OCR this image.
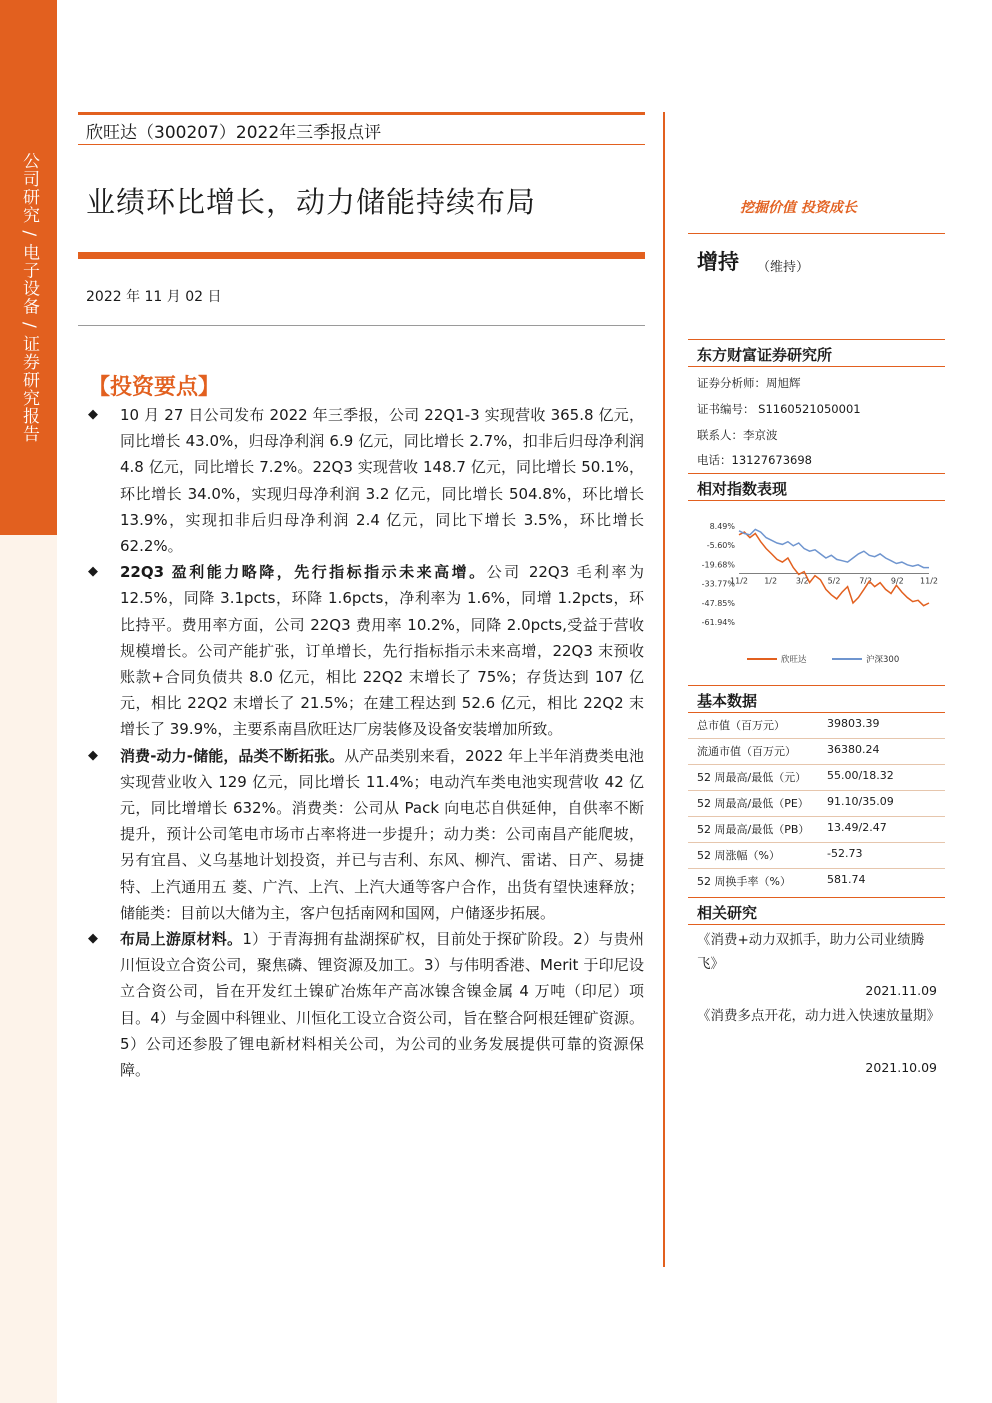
公司研究 / 电子设备 / 证券研究报告
欣旺达（300207）2022年三季报点评
业绩环比增长，动力储能持续布局
2022 年 11 月 02 日
【投资要点】
◆ 10 月 27 日公司发布 2022 年三季报，公司 22Q1-3 实现营收 365.8 亿元，同比增长 43.0%，归母净利润 6.9 亿元，同比增长 2.7%，扣非后归母净利润 4.8 亿元，同比增长 7.2%。22Q3 实现营收 148.7 亿元，同比增长 50.1%，环比增长 34.0%，实现归母净利润 3.2 亿元，同比增长 504.8%，环比增长 13.9%，实现扣非后归母净利润 2.4 亿元，同比下增长 3.5%，环比增长 62.2%。
◆ 22Q3 盈利能力略降，先行指标指示未来高增。公司 22Q3 毛利率为 12.5%，同降 3.1pcts，环降 1.6pcts，净利率为 1.6%，同增 1.2pcts，环比持平。费用率方面，公司 22Q3 费用率 10.2%，同降 2.0pcts,受益于营收规模增长。公司产能扩张，订单增长，先行指标指示未来高增，22Q3 末预收账款+合同负债共 8.0 亿元，相比 22Q2 末增长了 75%；存货达到 107 亿元，相比 22Q2 末增长了 21.5%；在建工程达到 52.6 亿元，相比 22Q2 末增长了 39.9%，主要系南昌欣旺达厂房装修及设备安装增加所致。
◆ 消费-动力-储能，品类不断拓张。从产品类别来看，2022 年上半年消费类电池实现营业收入 129 亿元，同比增长 11.4%；电动汽车类电池实现营收 42 亿元，同比增增长 632%。消费类：公司从 Pack 向电芯自供延伸，自供率不断提升，预计公司笔电市场市占率将进一步提升；动力类：公司南昌产能爬坡，另有宜昌、义乌基地计划投资，并已与吉利、东风、柳汽、雷诺、日产、易捷特、上汽通用五 菱、广汽、上汽、上汽大通等客户合作，出货有望快速释放；储能类：目前以大储为主，客户包括南网和国网，户储逐步拓展。
◆ 布局上游原材料。1）于青海拥有盐湖探矿权，目前处于探矿阶段。2）与贵州川恒设立合资公司，聚焦磷、锂资源及加工。3）与伟明香港、Merit 于印尼设立合资公司，旨在开发红土镍矿冶炼年产高冰镍含镍金属 4 万吨（印尼）项目。4）与金圆中科锂业、川恒化工设立合资公司，旨在整合阿根廷锂矿资源。5）公司还参股了锂电新材料相关公司，为公司的业务发展提供可靠的资源保障。
挖掘价值 投资成长
增持 （维持）
东方财富证券研究所
证券分析师：周旭辉
证书编号： S1160521050001
联系人：李京波
电话：13127673698
相对指数表现
8.49%
-5.60%
-19.68%
-33.77%
-47.85%
-61.94%
11/2 1/2 3/2 5/2 7/2 9/2 11/2
欣旺达	沪深300
基本数据
总市值（百万元）	39803.39
流通市值（百万元）	36380.24
52 周最高/最低（元） 55.00/18.32
52 周最高/最低（PE） 91.10/35.09
52 周最高/最低（PB） 13.49/2.47
52 周涨幅（%）	-52.73
52 周换手率（%）	581.74
相关研究
《消费+动力双抓手，助力公司业绩腾飞》
2021.11.09
《消费多点开花，动力进入快速放量期》
2021.10.09
